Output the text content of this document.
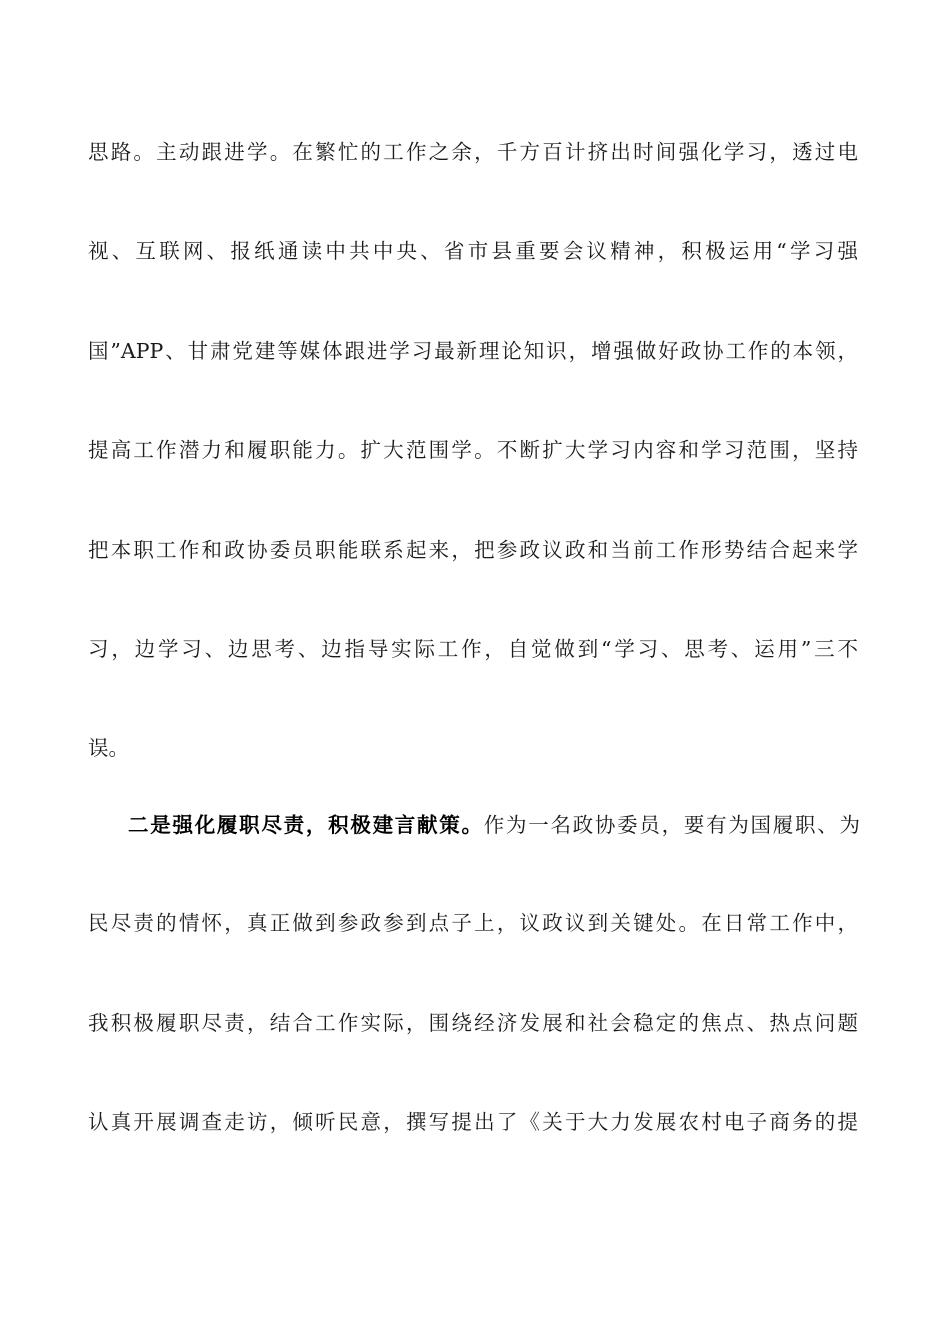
思路。主动跟进学。在繁忙的工作之余，千方百计挤出时间强化学习，透过电
视、互联网、报纸通读中共中央、省市县重要会议精神，积极运用“学习强
国”APP、甘肃党建等媒体跟进学习最新理论知识，增强做好政协工作的本领，
提高工作潜力和履职能力。扩大范围学。不断扩大学习内容和学习范围，坚持
把本职工作和政协委员职能联系起来，把参政议政和当前工作形势结合起来学
习，边学习、边思考、边指导实际工作，自觉做到“学习、思考、运用”三不
误。
二是强化履职尽责，积极建言献策。作为一名政协委员，要有为国履职、为
民尽责的情怀，真正做到参政参到点子上，议政议到关键处。在日常工作中，
我积极履职尽责，结合工作实际，围绕经济发展和社会稳定的焦点、热点问题
认真开展调查走访，倾听民意，撰写提出了《关于大力发展农村电子商务的提
